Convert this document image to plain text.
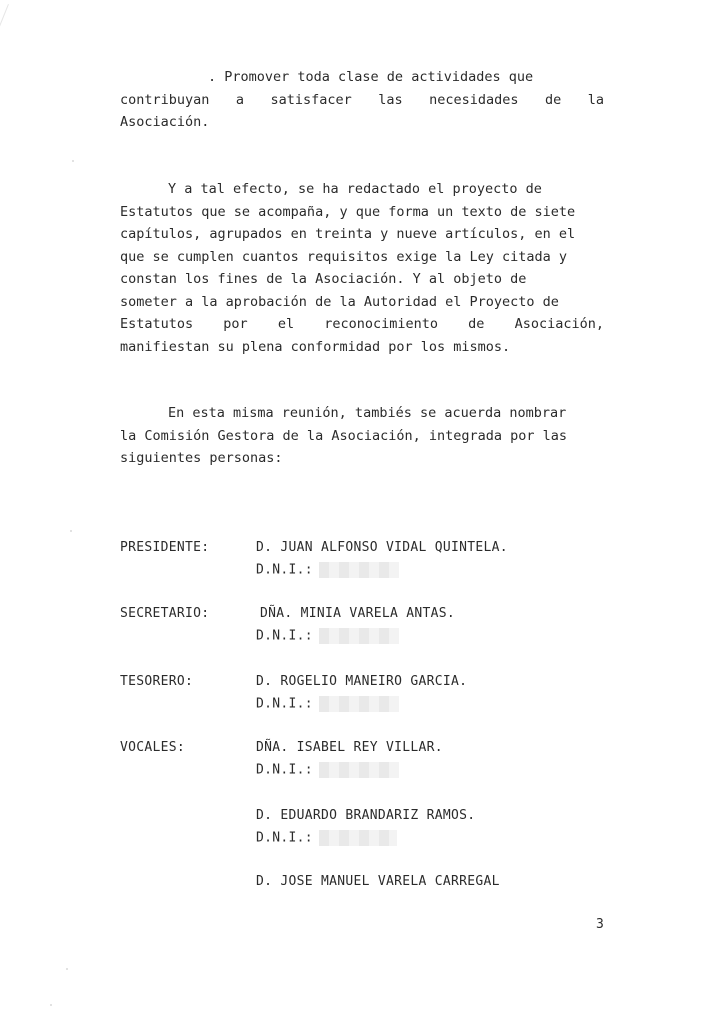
. Promover toda clase de actividades que
contribuyan a satisfacer las necesidades de la
Asociación.
Y a tal efecto, se ha redactado el proyecto de
Estatutos que se acompaña, y que forma un texto de siete
capítulos, agrupados en treinta y nueve artículos, en el
que se cumplen cuantos requisitos exige la Ley citada y
constan los fines de la Asociación. Y al objeto de
someter a la aprobación de la Autoridad el Proyecto de
Estatutos por el reconocimiento de Asociación,
manifiestan su plena conformidad por los mismos.
En esta misma reunión, tambiés se acuerda nombrar
la Comisión Gestora de la Asociación, integrada por las
siguientes personas:
PRESIDENTE:	D. JUAN ALFONSO VIDAL QUINTELA.
D.N.I.:
SECRETARIO:	DÑA. MINIA VARELA ANTAS.
D.N.I.:
TESORERO:	D. ROGELIO MANEIRO GARCIA.
D.N.I.:
VOCALES:	DÑA. ISABEL REY VILLAR.
D.N.I.:
D. EDUARDO BRANDARIZ RAMOS.
D.N.I.:
D. JOSE MANUEL VARELA CARREGAL
3
